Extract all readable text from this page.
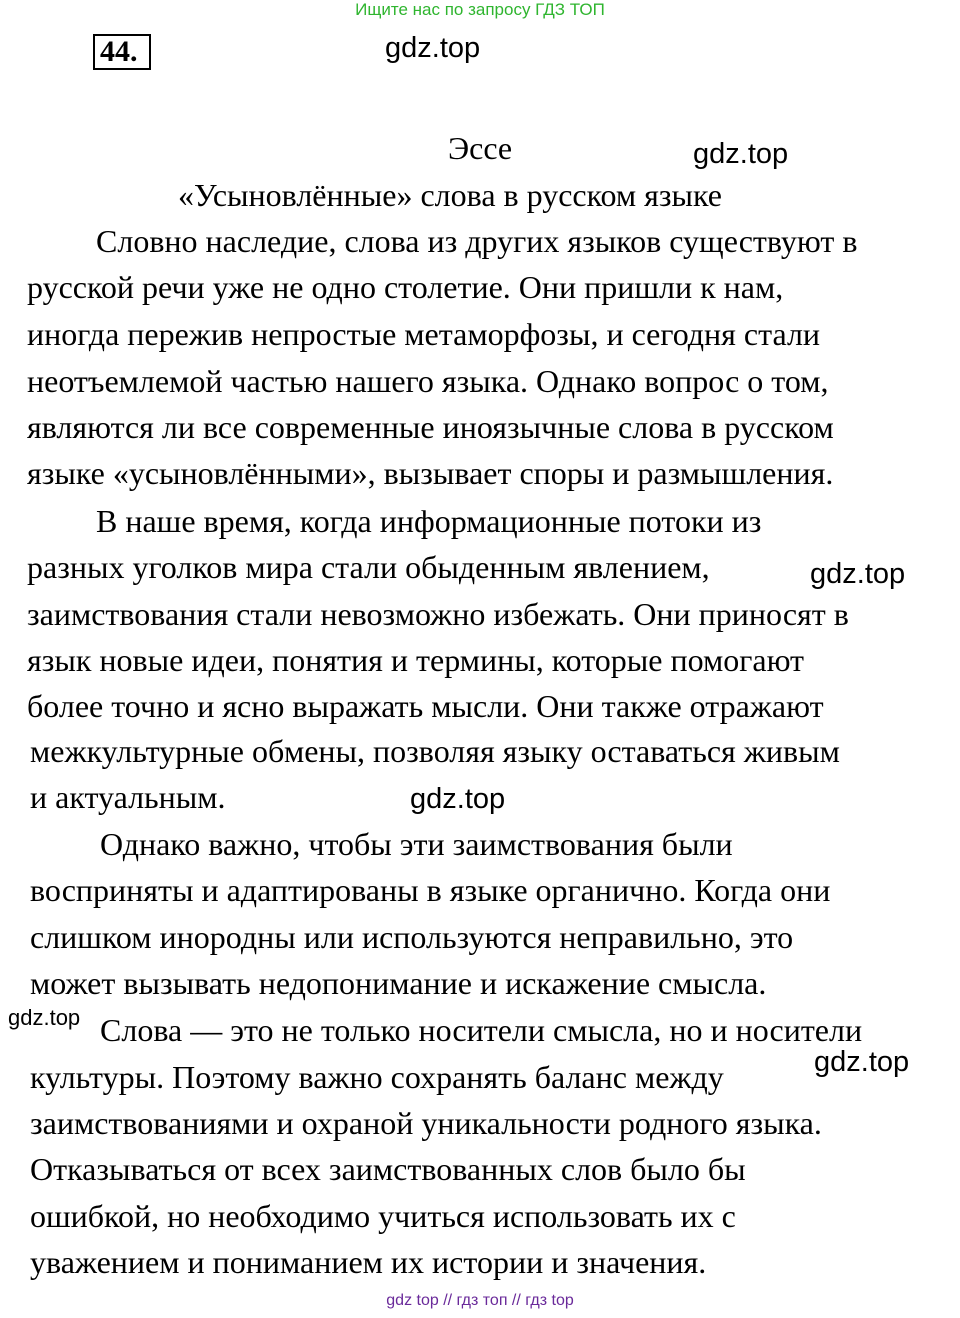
Ищите нас по запросу ГДЗ ТОП
44.	gdz.top
Эссе	gdz.top
«Усыновлённые» слова в русском языке
Словно наследие, слова из других языков существуют в
русской речи уже не одно столетие. Они пришли к нам,
иногда пережив непростые метаморфозы, и сегодня стали
неотъемлемой частью нашего языка. Однако вопрос о том,
являются ли все современные иноязычные слова в русском
языке «усыновлёнными», вызывает споры и размышления.
В наше время, когда информационные потоки из
разных уголков мира стали обыденным явлением,	gdz.top
заимствования стали невозможно избежать. Они приносят в
язык новые идеи, понятия и термины, которые помогают
более точно и ясно выражать мысли. Они также отражают
межкультурные обмены, позволяя языку оставаться живым
и актуальным.	gdz.top
Однако важно, чтобы эти заимствования были
восприняты и адаптированы в языке органично. Когда они
слишком инородны или используются неправильно, это
может вызывать недопонимание и искажение смысла.
gdz.top Слова — это не только носители смысла, но и носители
культуры. Поэтому важно сохранять баланс между	gdz.top
заимствованиями и охраной уникальности родного языка.
Отказываться от всех заимствованных слов было бы
ошибкой, но необходимо учиться использовать их с
уважением и пониманием их истории и значения.
gdz top // гдз топ // гдз top
